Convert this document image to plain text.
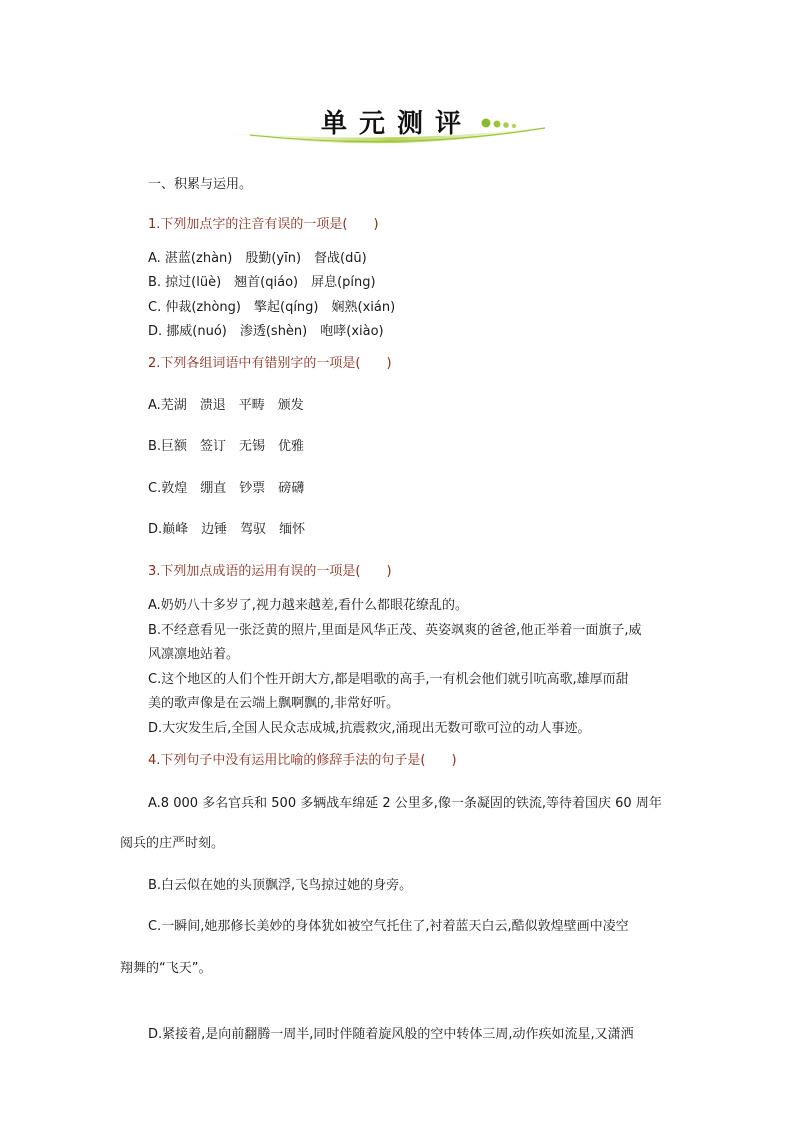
单元测评
一、积累与运用。
1.下列加点字的注音有误的一项是(　　)
A. 湛蓝(zhàn)　殷勤(yīn)　督战(dū)
B. 掠过(lüè)　翘首(qiáo)　屏息(píng)
C. 仲裁(zhòng)　擎起(qíng)　娴熟(xián)
D. 挪威(nuó)　渗透(shèn)　咆哮(xiào)
2.下列各组词语中有错别字的一项是(　　)
A.芜湖　溃退　平畴　颁发
B.巨额　签订　无锡　优雅
C.敦煌　绷直　钞票　磅礴
D.巅峰　边锤　驾驭　缅怀
3.下列加点成语的运用有误的一项是(　　)
A.奶奶八十多岁了,视力越来越差,看什么都眼花缭乱的。
B.不经意看见一张泛黄的照片,里面是风华正茂、英姿飒爽的爸爸,他正举着一面旗子,威
风凛凛地站着。
C.这个地区的人们个性开朗大方,都是唱歌的高手,一有机会他们就引吭高歌,雄厚而甜
美的歌声像是在云端上飘啊飘的,非常好听。
D.大灾发生后,全国人民众志成城,抗震救灾,涌现出无数可歌可泣的动人事迹。
4.下列句子中没有运用比喻的修辞手法的句子是(　　)
A.8 000 多名官兵和 500 多辆战车绵延 2 公里多,像一条凝固的铁流,等待着国庆 60 周年
阅兵的庄严时刻。
B.白云似在她的头顶飘浮,飞鸟掠过她的身旁。
C.一瞬间,她那修长美妙的身体犹如被空气托住了,衬着蓝天白云,酷似敦煌壁画中凌空
翔舞的“飞天”。
D.紧接着,是向前翻腾一周半,同时伴随着旋风般的空中转体三周,动作疾如流星,又潇洒
